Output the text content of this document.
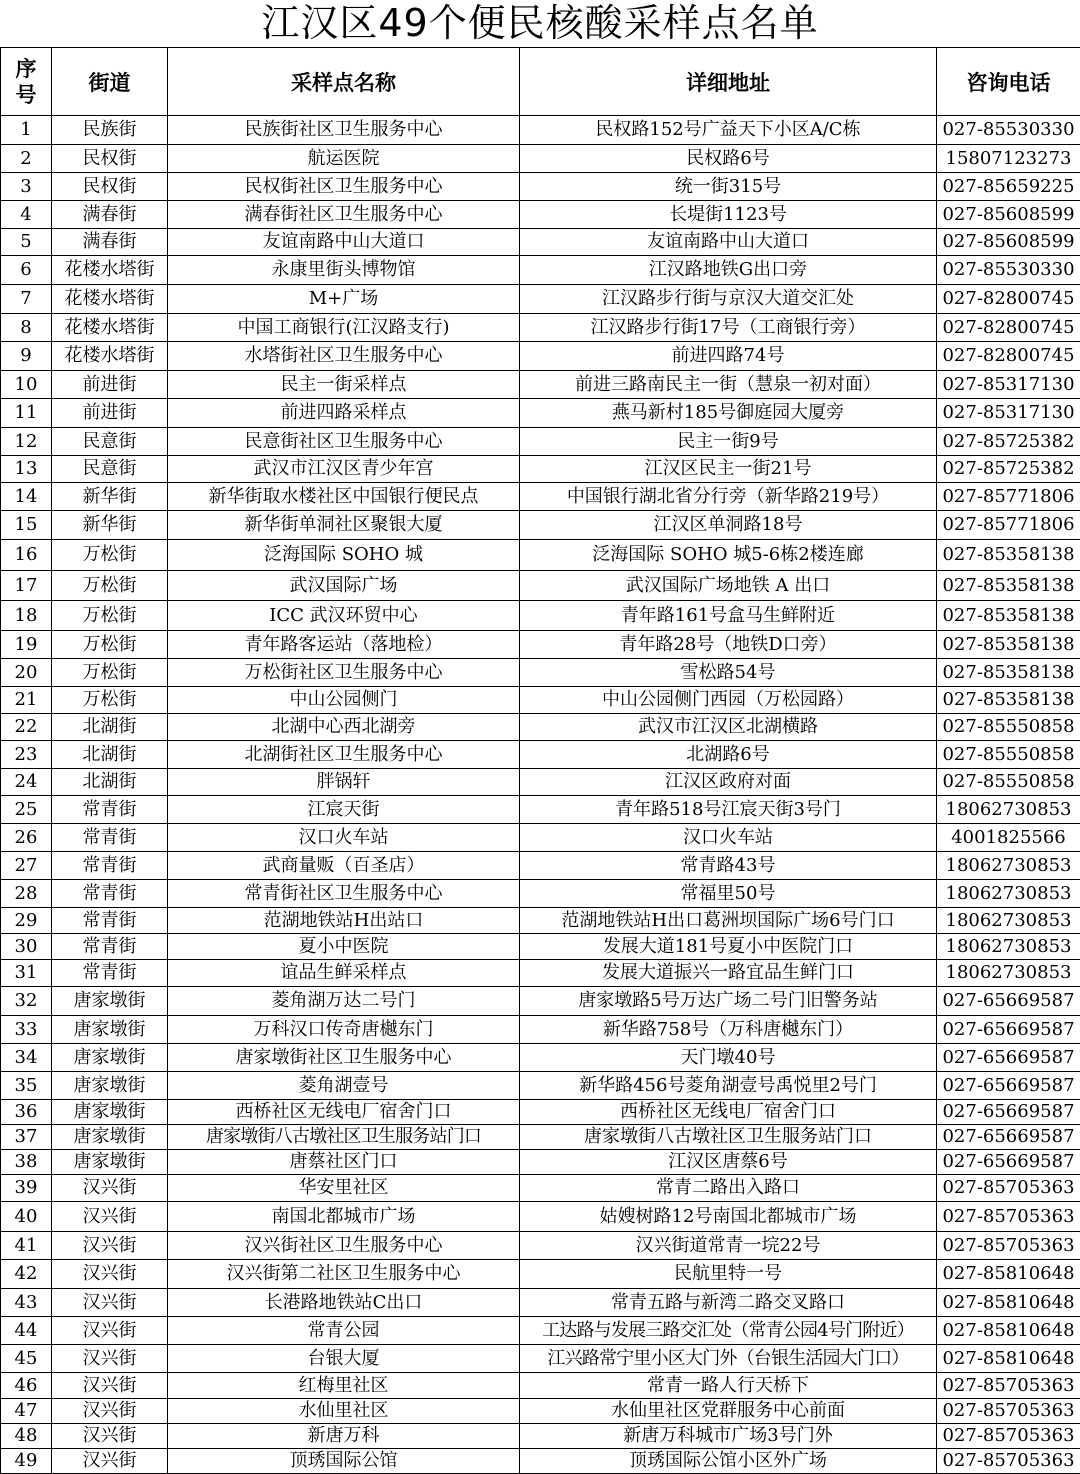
江汉区49个便民核酸采样点名单
序
号	街道	采样点名称	详细地址	咨询电话
1	民族街	民族街社区卫生服务中心	民权路152号广益天下小区A/C栋	027-85530330
2	民权街	航运医院	民权路6号	15807123273
3	民权街	民权街社区卫生服务中心	统一街315号	027-85659225
4	满春街	满春街社区卫生服务中心	长堤街1123号	027-85608599
5	满春街	友谊南路中山大道口	友谊南路中山大道口	027-85608599
6	花楼水塔街	永康里街头博物馆	江汉路地铁G出口旁	027-85530330
7	花楼水塔街	M+广场	江汉路步行街与京汉大道交汇处	027-82800745
8	花楼水塔街	中国工商银行(江汉路支行)	江汉路步行街17号（工商银行旁）	027-82800745
9	花楼水塔街	水塔街社区卫生服务中心	前进四路74号	027-82800745
10	前进街	民主一街采样点	前进三路南民主一街（慧泉一初对面）	027-85317130
11	前进街	前进四路采样点	燕马新村185号御庭园大厦旁	027-85317130
12	民意街	民意街社区卫生服务中心	民主一街9号	027-85725382
13	民意街	武汉市江汉区青少年宫	江汉区民主一街21号	027-85725382
14	新华街	新华街取水楼社区中国银行便民点	中国银行湖北省分行旁（新华路219号）	027-85771806
15	新华街	新华街单洞社区聚银大厦	江汉区单洞路18号	027-85771806
16	万松街	泛海国际 SOHO 城	泛海国际 SOHO 城5-6栋2楼连廊	027-85358138
17	万松街	武汉国际广场	武汉国际广场地铁 A 出口	027-85358138
18	万松街	ICC 武汉环贸中心	青年路161号盒马生鲜附近	027-85358138
19	万松街	青年路客运站（落地检）	青年路28号（地铁D口旁）	027-85358138
20	万松街	万松街社区卫生服务中心	雪松路54号	027-85358138
21	万松街	中山公园侧门	中山公园侧门西园（万松园路）	027-85358138
22	北湖街	北湖中心西北湖旁	武汉市江汉区北湖横路	027-85550858
23	北湖街	北湖街社区卫生服务中心	北湖路6号	027-85550858
24	北湖街	胖锅轩	江汉区政府对面	027-85550858
25	常青街	江宸天街	青年路518号江宸天街3号门	18062730853
26	常青街	汉口火车站	汉口火车站	4001825566
27	常青街	武商量贩（百圣店）	常青路43号	18062730853
28	常青街	常青街社区卫生服务中心	常福里50号	18062730853
29	常青街	范湖地铁站H出站口	范湖地铁站H出口葛洲坝国际广场6号门口	18062730853
30	常青街	夏小中医院	发展大道181号夏小中医院门口	18062730853
31	常青街	谊品生鲜采样点	发展大道振兴一路宜品生鲜门口	18062730853
32	唐家墩街	菱角湖万达二号门	唐家墩路5号万达广场二号门旧警务站	027-65669587
33	唐家墩街	万科汉口传奇唐樾东门	新华路758号（万科唐樾东门）	027-65669587
34	唐家墩街	唐家墩街社区卫生服务中心	天门墩40号	027-65669587
35	唐家墩街	菱角湖壹号	新华路456号菱角湖壹号禹悦里2号门	027-65669587
36	唐家墩街	西桥社区无线电厂宿舍门口	西桥社区无线电厂宿舍门口	027-65669587
37	唐家墩街	唐家墩街八古墩社区卫生服务站门口	唐家墩街八古墩社区卫生服务站门口	027-65669587
38	唐家墩街	唐蔡社区门口	江汉区唐蔡6号	027-65669587
39	汉兴街	华安里社区	常青二路出入路口	027-85705363
40	汉兴街	南国北都城市广场	姑嫂树路12号南国北都城市广场	027-85705363
41	汉兴街	汉兴街社区卫生服务中心	汉兴街道常青一垸22号	027-85705363
42	汉兴街	汉兴街第二社区卫生服务中心	民航里特一号	027-85810648
43	汉兴街	长港路地铁站C出口	常青五路与新湾二路交叉路口	027-85810648
44	汉兴街	常青公园	工达路与发展三路交汇处（常青公园4号门附近）	027-85810648
45	汉兴街	台银大厦	江兴路常宁里小区大门外（台银生活园大门口）	027-85810648
46	汉兴街	红梅里社区	常青一路人行天桥下	027-85705363
47	汉兴街	水仙里社区	水仙里社区党群服务中心前面	027-85705363
48	汉兴街	新唐万科	新唐万科城市广场3号门外	027-85705363
49	汉兴街	顶琇国际公馆	顶琇国际公馆小区外广场	027-85705363
